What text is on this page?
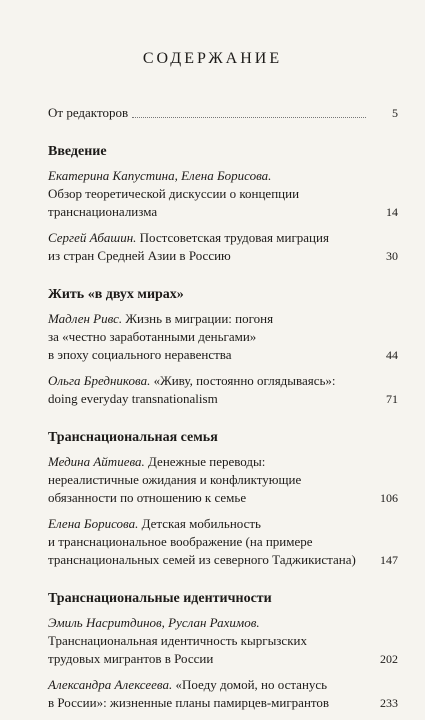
СОДЕРЖАНИЕ
От редакторов	5
Введение
Екатерина Капустина, Елена Борисова.
Обзор теоретической дискуссии о концепции
транснационализма	14
Сергей Абашин. Постсоветская трудовая миграция
из стран Средней Азии в Россию	30
Жить «в двух мирах»
Мадлен Ривс. Жизнь в миграции: погоня
за «честно заработанными деньгами»
в эпоху социального неравенства	44
Ольга Бредникова. «Живу, постоянно оглядываясь»:
doing everyday transnationalism	71
Транснациональная семья
Медина Айтиева. Денежные переводы:
нереалистичные ожидания и конфликтующие
обязанности по отношению к семье	106
Елена Борисова. Детская мобильность
и транснациональное воображение (на примере
транснациональных семей из северного Таджикистана)	147
Транснациональные идентичности
Эмиль Насритдинов, Руслан Рахимов.
Транснациональная идентичность кыргызских
трудовых мигрантов в России	202
Александра Алексеева. «Поеду домой, но останусь
в России»: жизненные планы памирцев-мигрантов	233
